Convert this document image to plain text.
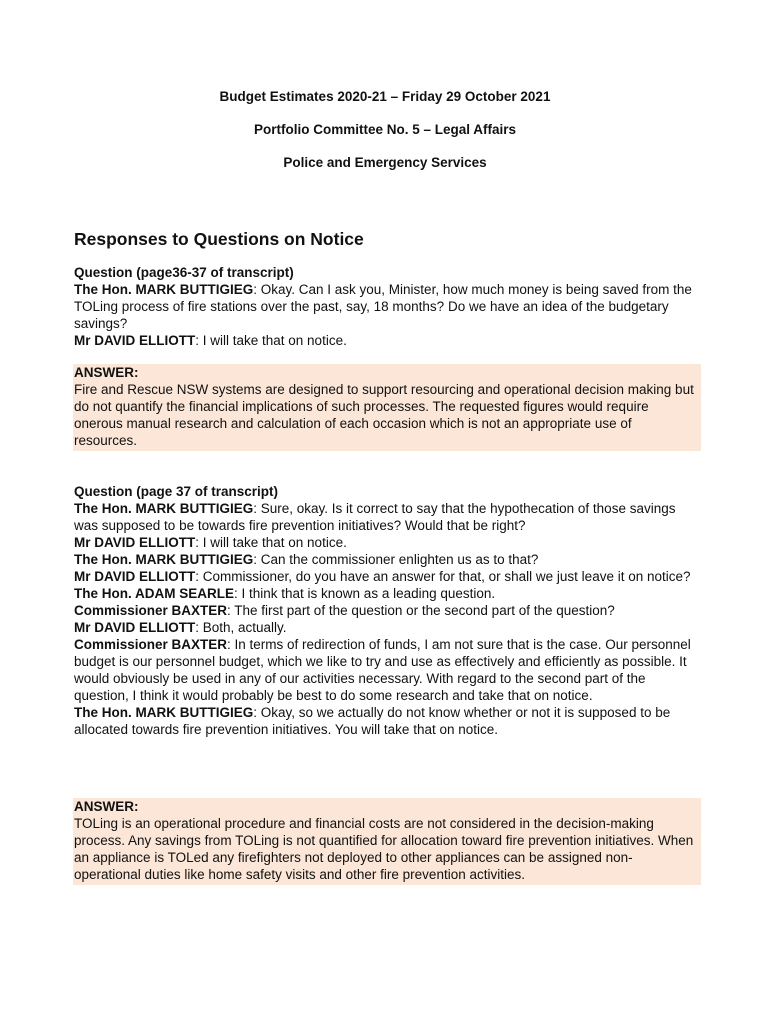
Budget Estimates 2020-21 – Friday 29 October 2021
Portfolio Committee No. 5 – Legal Affairs
Police and Emergency Services
Responses to Questions on Notice

Question (page36-37 of transcript)

The Hon. MARK BUTTIGIEG: Okay. Can I ask you, Minister, how much money is being saved from the TOLing process of fire stations over the past, say, 18 months? Do we have an idea of the budgetary savings?

Mr DAVID ELLIOTT: I will take that on notice.

ANSWER:

Fire and Rescue NSW systems are designed to support resourcing and operational decision making but do not quantify the financial implications of such processes. The requested figures would require onerous manual research and calculation of each occasion which is not an appropriate use of resources.

Question (page 37 of transcript)

The Hon. MARK BUTTIGIEG: Sure, okay. Is it correct to say that the hypothecation of those savings was supposed to be towards fire prevention initiatives? Would that be right?

Mr DAVID ELLIOTT: I will take that on notice.

The Hon. MARK BUTTIGIEG: Can the commissioner enlighten us as to that?

Mr DAVID ELLIOTT: Commissioner, do you have an answer for that, or shall we just leave it on notice?

The Hon. ADAM SEARLE: I think that is known as a leading question.

Commissioner BAXTER: The first part of the question or the second part of the question?

Mr DAVID ELLIOTT: Both, actually.

Commissioner BAXTER: In terms of redirection of funds, I am not sure that is the case. Our personnel budget is our personnel budget, which we like to try and use as effectively and efficiently as possible. It would obviously be used in any of our activities necessary. With regard to the second part of the question, I think it would probably be best to do some research and take that on notice.

The Hon. MARK BUTTIGIEG: Okay, so we actually do not know whether or not it is supposed to be allocated towards fire prevention initiatives. You will take that on notice.

ANSWER:

TOLing is an operational procedure and financial costs are not considered in the decision-making process. Any savings from TOLing is not quantified for allocation toward fire prevention initiatives. When an appliance is TOLed any firefighters not deployed to other appliances can be assigned non-operational duties like home safety visits and other fire prevention activities.
